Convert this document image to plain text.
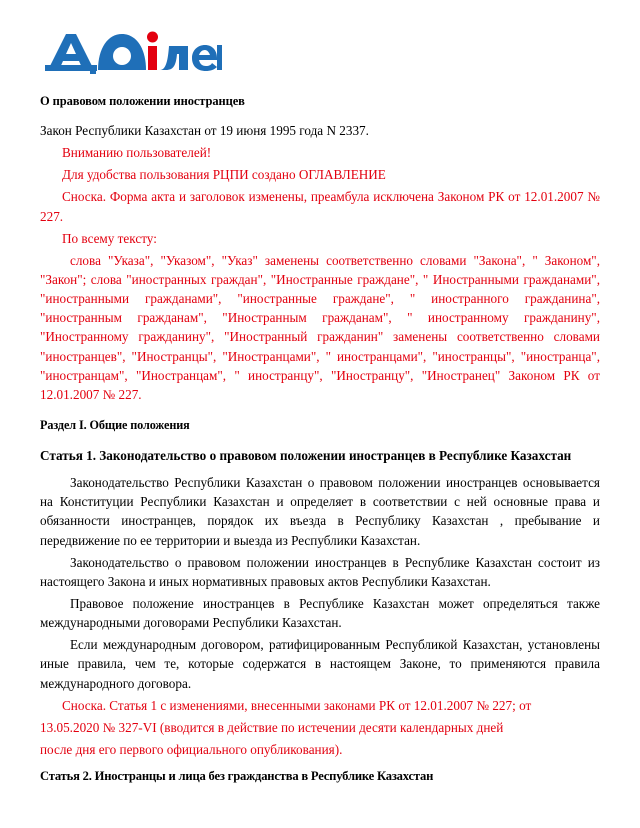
О правовом положении иностранцев

Закон Республики Казахстан от 19 июня 1995 года N 2337.

Вниманию пользователей!

Для удобства пользования РЦПИ создано ОГЛАВЛЕНИЕ

Сноска. Форма акта и заголовок изменены, преамбула исключена Законом РК от 12.01.2007 № 227.

По всему тексту:

слова "Указа", "Указом", "Указ" заменены соответственно словами "Закона", " Законом", "Закон"; слова "иностранных граждан", "Иностранные граждане", " Иностранными гражданами", "иностранными гражданами", "иностранные граждане", " иностранного гражданина", "иностранным гражданам", "Иностранным гражданам", " иностранному гражданину", "Иностранному гражданину", "Иностранный гражданин" заменены соответственно словами "иностранцев", "Иностранцы", "Иностранцами", " иностранцами", "иностранцы", "иностранца", "иностранцам", "Иностранцам", " иностранцу", "Иностранцу", "Иностранец" Законом РК от 12.01.2007 № 227.

Раздел I. Общие положения
Статья 1. Законодательство о правовом положении иностранцев в Республике Казахстан

Законодательство Республики Казахстан о правовом положении иностранцев основывается на Конституции Республики Казахстан и определяет в соответствии с ней основные права и обязанности иностранцев, порядок их въезда в Республику Казахстан , пребывание и передвижение по ее территории и выезда из Республики Казахстан.

Законодательство о правовом положении иностранцев в Республике Казахстан состоит из настоящего Закона и иных нормативных правовых актов Республики Казахстан.

Правовое положение иностранцев в Республике Казахстан может определяться также международными договорами Республики Казахстан.

Если международным договором, ратифицированным Республикой Казахстан, установлены иные правила, чем те, которые содержатся в настоящем Законе, то применяются правила международного договора.

Сноска. Статья 1 с изменениями, внесенными законами РК от 12.01.2007 № 227; от

13.05.2020 № 327-VI (вводится в действие по истечении десяти календарных дней

после дня его первого официального опубликования).

Статья 2. Иностранцы и лица без гражданства в Республике Казахстан
